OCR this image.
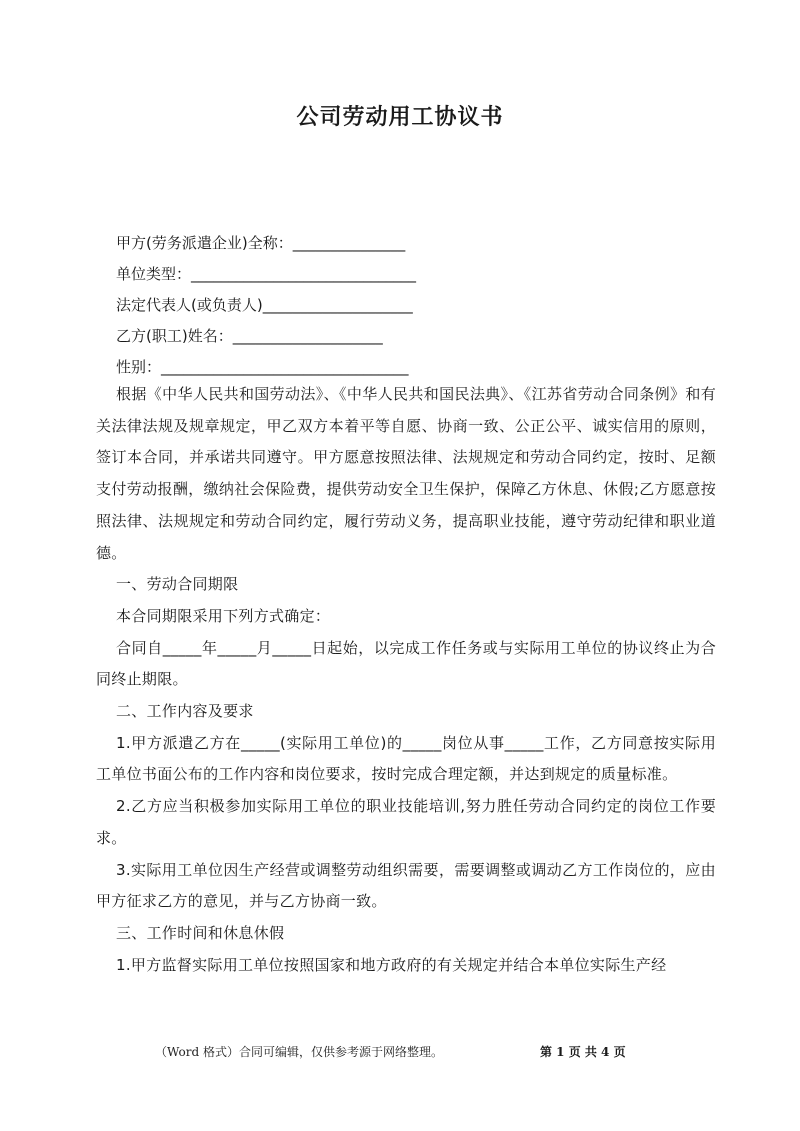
公司劳动用工协议书
甲方(劳务派遣企业)全称：_______________
单位类型：______________________________
法定代表人(或负责人)____________________
乙方(职工)姓名：____________________
性别：_________________________________

根据《中华人民共和国劳动法》、《中华人民共和国民法典》、《江苏省劳动合同条例》和有关法律法规及规章规定，甲乙双方本着平等自愿、协商一致、公正公平、诚实信用的原则，签订本合同，并承诺共同遵守。甲方愿意按照法律、法规规定和劳动合同约定，按时、足额支付劳动报酬，缴纳社会保险费，提供劳动安全卫生保护，保障乙方休息、休假;乙方愿意按照法律、法规规定和劳动合同约定，履行劳动义务，提高职业技能，遵守劳动纪律和职业道德。

一、劳动合同期限

本合同期限采用下列方式确定：

合同自_____年_____月_____日起始，以完成工作任务或与实际用工单位的协议终止为合同终止期限。

二、工作内容及要求

1.甲方派遣乙方在_____(实际用工单位)的_____岗位从事_____工作，乙方同意按实际用工单位书面公布的工作内容和岗位要求，按时完成合理定额，并达到规定的质量标准。

2.乙方应当积极参加实际用工单位的职业技能培训,努力胜任劳动合同约定的岗位工作要求。

3.实际用工单位因生产经营或调整劳动组织需要，需要调整或调动乙方工作岗位的，应由甲方征求乙方的意见，并与乙方协商一致。

三、工作时间和休息休假

1.甲方监督实际用工单位按照国家和地方政府的有关规定并结合本单位实际生产经

（Word 格式）合同可编辑，仅供参考源于网络整理。	第 1 页 共 4 页
